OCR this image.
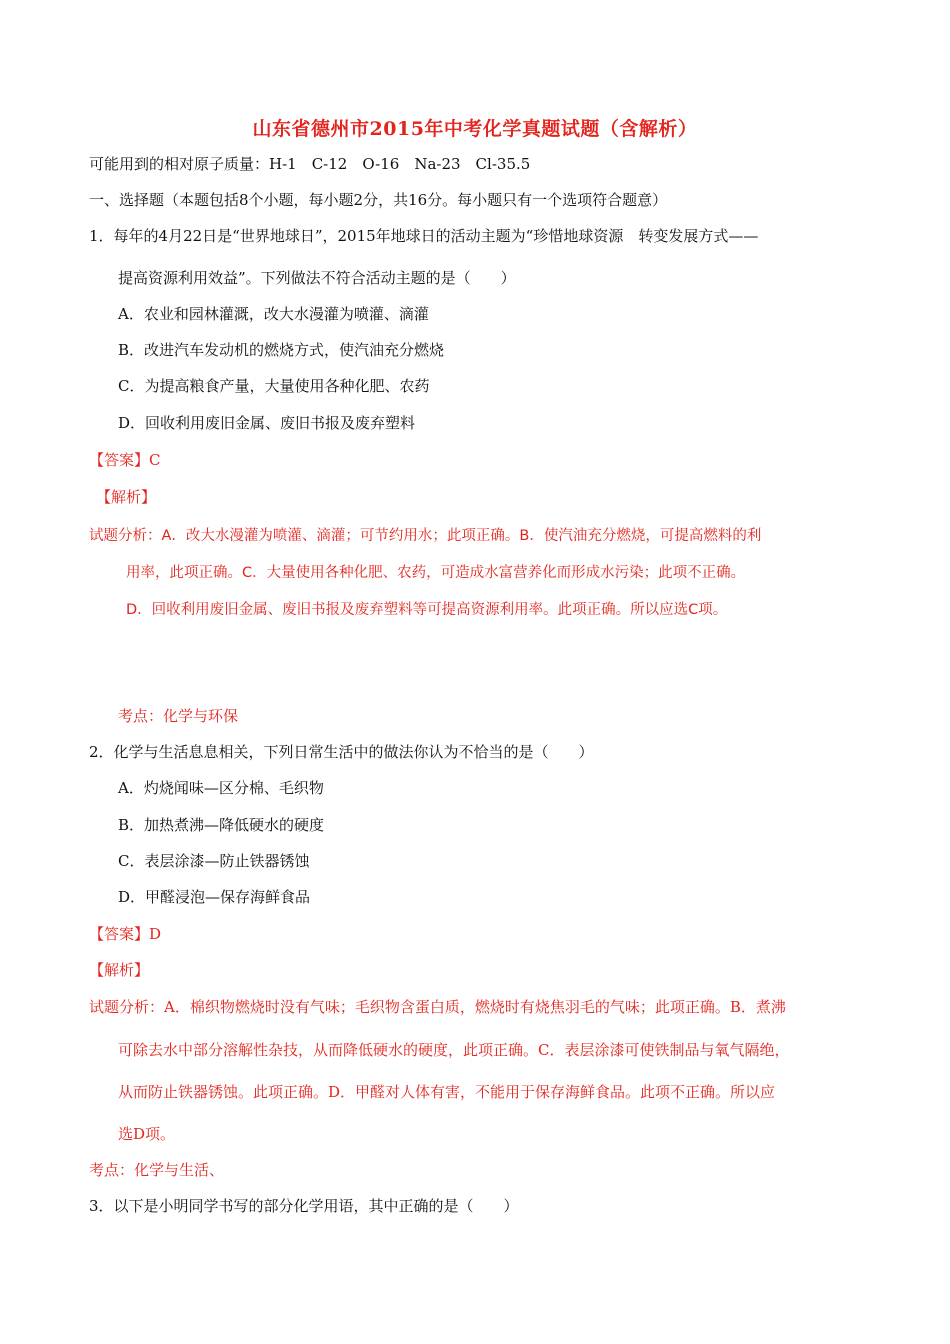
山东省德州市2015年中考化学真题试题（含解析）
可能用到的相对原子质量：H-1　C-12　O-16　Na-23　Cl-35.5
一、选择题（本题包括8个小题，每小题2分，共16分。每小题只有一个选项符合题意）
1．每年的4月22日是“世界地球日”，2015年地球日的活动主题为“珍惜地球资源　转变发展方式——
提高资源利用效益”。下列做法不符合活动主题的是（　　）
A．农业和园林灌溉，改大水漫灌为喷灌、滴灌
B．改进汽车发动机的燃烧方式，使汽油充分燃烧
C．为提高粮食产量，大量使用各种化肥、农药
D．回收利用废旧金属、废旧书报及废弃塑料
【答案】C
【解析】
试题分析：A．改大水漫灌为喷灌、滴灌；可节约用水；此项正确。B．使汽油充分燃烧，可提高燃料的利
用率，此项正确。C．大量使用各种化肥、农药，可造成水富营养化而形成水污染；此项不正确。
D．回收利用废旧金属、废旧书报及废弃塑料等可提高资源利用率。此项正确。所以应选C项。
考点：化学与环保
2．化学与生活息息相关，下列日常生活中的做法你认为不恰当的是（　　）
A．灼烧闻味—区分棉、毛织物
B．加热煮沸—降低硬水的硬度
C．表层涂漆—防止铁器锈蚀
D．甲醛浸泡—保存海鲜食品
【答案】D
【解析】
试题分析：A．棉织物燃烧时没有气味；毛织物含蛋白质，燃烧时有烧焦羽毛的气味；此项正确。B．煮沸
可除去水中部分溶解性杂技，从而降低硬水的硬度，此项正确。C．表层涂漆可使铁制品与氧气隔绝，
从而防止铁器锈蚀。此项正确。D．甲醛对人体有害，不能用于保存海鲜食品。此项不正确。所以应
选D项。
考点：化学与生活、
3．以下是小明同学书写的部分化学用语，其中正确的是（　　）
